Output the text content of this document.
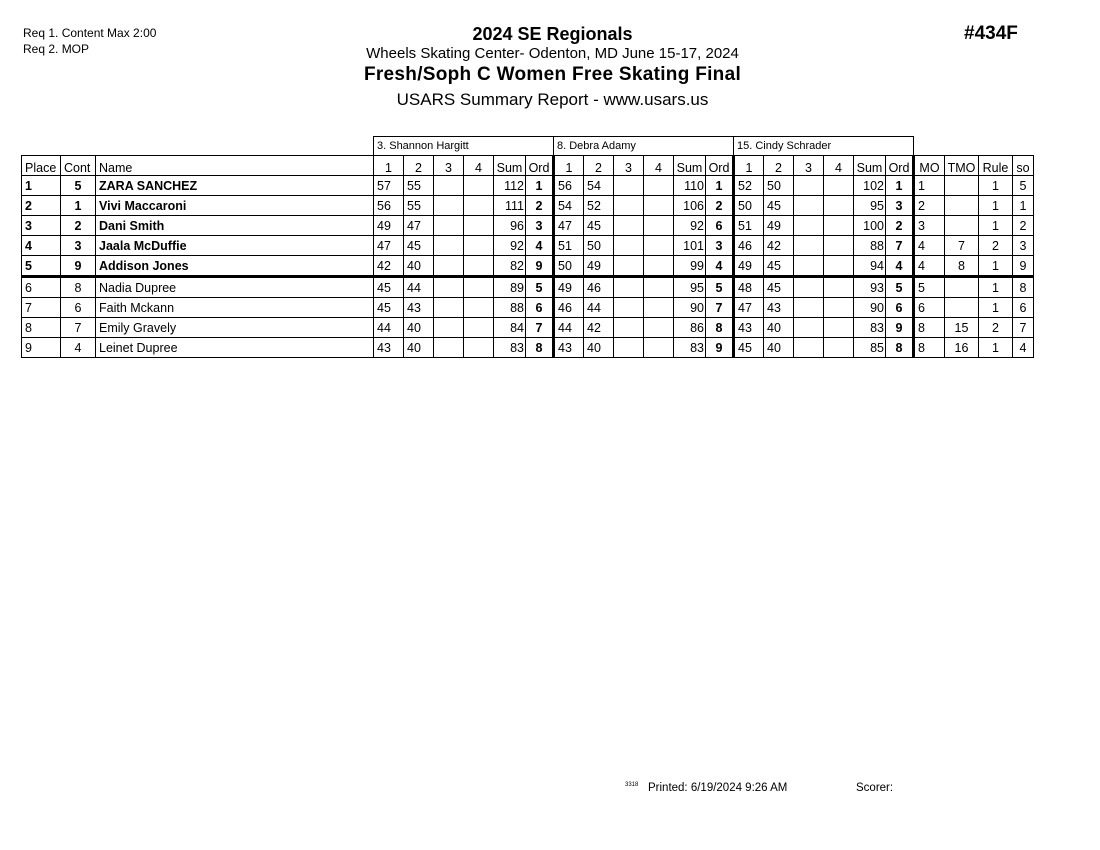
Req 1. Content Max 2:00
Req 2. MOP
#434F
2024 SE Regionals
Wheels Skating Center- Odenton, MD June 15-17, 2024
Fresh/Soph C Women Free Skating Final
USARS Summary Report - www.usars.us
			3. Shannon Hargitt						8. Debra Adamy						15. Cindy Schrader									
Place	Cont	Name	1	2	3	4	Sum	Ord	1	2	3	4	Sum	Ord	1	2	3	4	Sum	Ord	MO	TMO	Rule	so
1	5	ZARA SANCHEZ	57	55			112	1	56	54			110	1	52	50			102	1	1		1	5
2	1	Vivi Maccaroni	56	55			111	2	54	52			106	2	50	45			95	3	2		1	1
3	2	Dani Smith	49	47			96	3	47	45			92	6	51	49			100	2	3		1	2
4	3	Jaala McDuffie	47	45			92	4	51	50			101	3	46	42			88	7	4	7	2	3
5	9	Addison Jones	42	40			82	9	50	49			99	4	49	45			94	4	4	8	1	9
6	8	Nadia Dupree	45	44			89	5	49	46			95	5	48	45			93	5	5		1	8
7	6	Faith Mckann	45	43			88	6	46	44			90	7	47	43			90	6	6		1	6
8	7	Emily Gravely	44	40			84	7	44	42			86	8	43	40			83	9	8	15	2	7
9	4	Leinet Dupree	43	40			83	8	43	40			83	9	45	40			85	8	8	16	1	4
3318 Printed: 6/19/2024 9:26 AM	Scorer:
